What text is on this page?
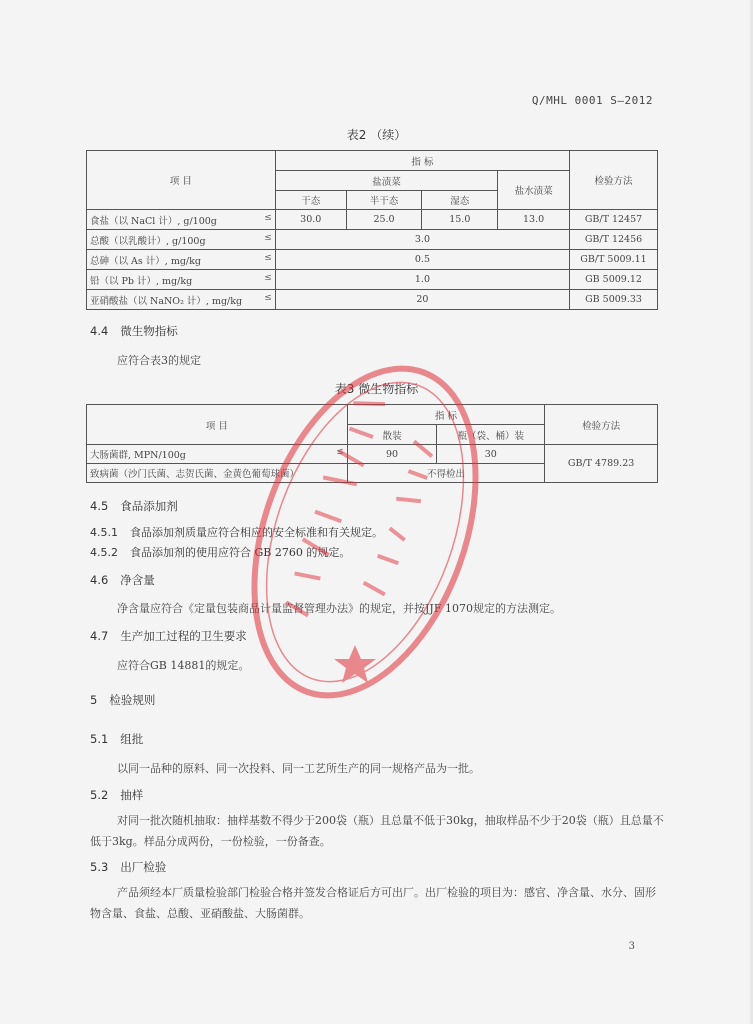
Q/MHL 0001 S—2012
表2 （续）
项 目	指 标				检验方法
	盐渍菜			盐水渍菜	
	干态	半干态	湿态		
食盐（以 NaCl 计）, g/100g ≤	30.0	25.0	15.0	13.0	GB/T 12457
总酸（以乳酸计）, g/100g ≤	3.0				GB/T 12456
总砷（以 As 计）, mg/kg ≤	0.5				GB/T 5009.11
铅（以 Pb 计）, mg/kg ≤	1.0				GB 5009.12
亚硝酸盐（以 NaNO₂ 计）, mg/kg ≤	20				GB 5009.33
4.4 微生物指标
应符合表3的规定
表3 微生物指标
项 目	指 标		检验方法
	散装	瓶（袋、桶）装	
大肠菌群, MPN/100g ≤	90	30	GB/T 4789.23
致病菌（沙门氏菌、志贺氏菌、金黄色葡萄球菌）	不得检出		
4.5 食品添加剂
4.5.1 食品添加剂质量应符合相应的安全标准和有关规定。
4.5.2 食品添加剂的使用应符合 GB 2760 的规定。
4.6 净含量
净含量应符合《定量包装商品计量监督管理办法》的规定，并按JJF 1070规定的方法测定。
4.7 生产加工过程的卫生要求
应符合GB 14881的规定。
5 检验规则
5.1 组批
以同一品种的原料、同一次投料、同一工艺所生产的同一规格产品为一批。
5.2 抽样
对同一批次随机抽取：抽样基数不得少于200袋（瓶）且总量不低于30kg，抽取样品不少于20袋（瓶）且总量不低于3kg。样品分成两份，一份检验，一份备查。
5.3 出厂检验
产品须经本厂质量检验部门检验合格并签发合格证后方可出厂。出厂检验的项目为：感官、净含量、水分、固形物含量、食盐、总酸、亚硝酸盐、大肠菌群。
3
